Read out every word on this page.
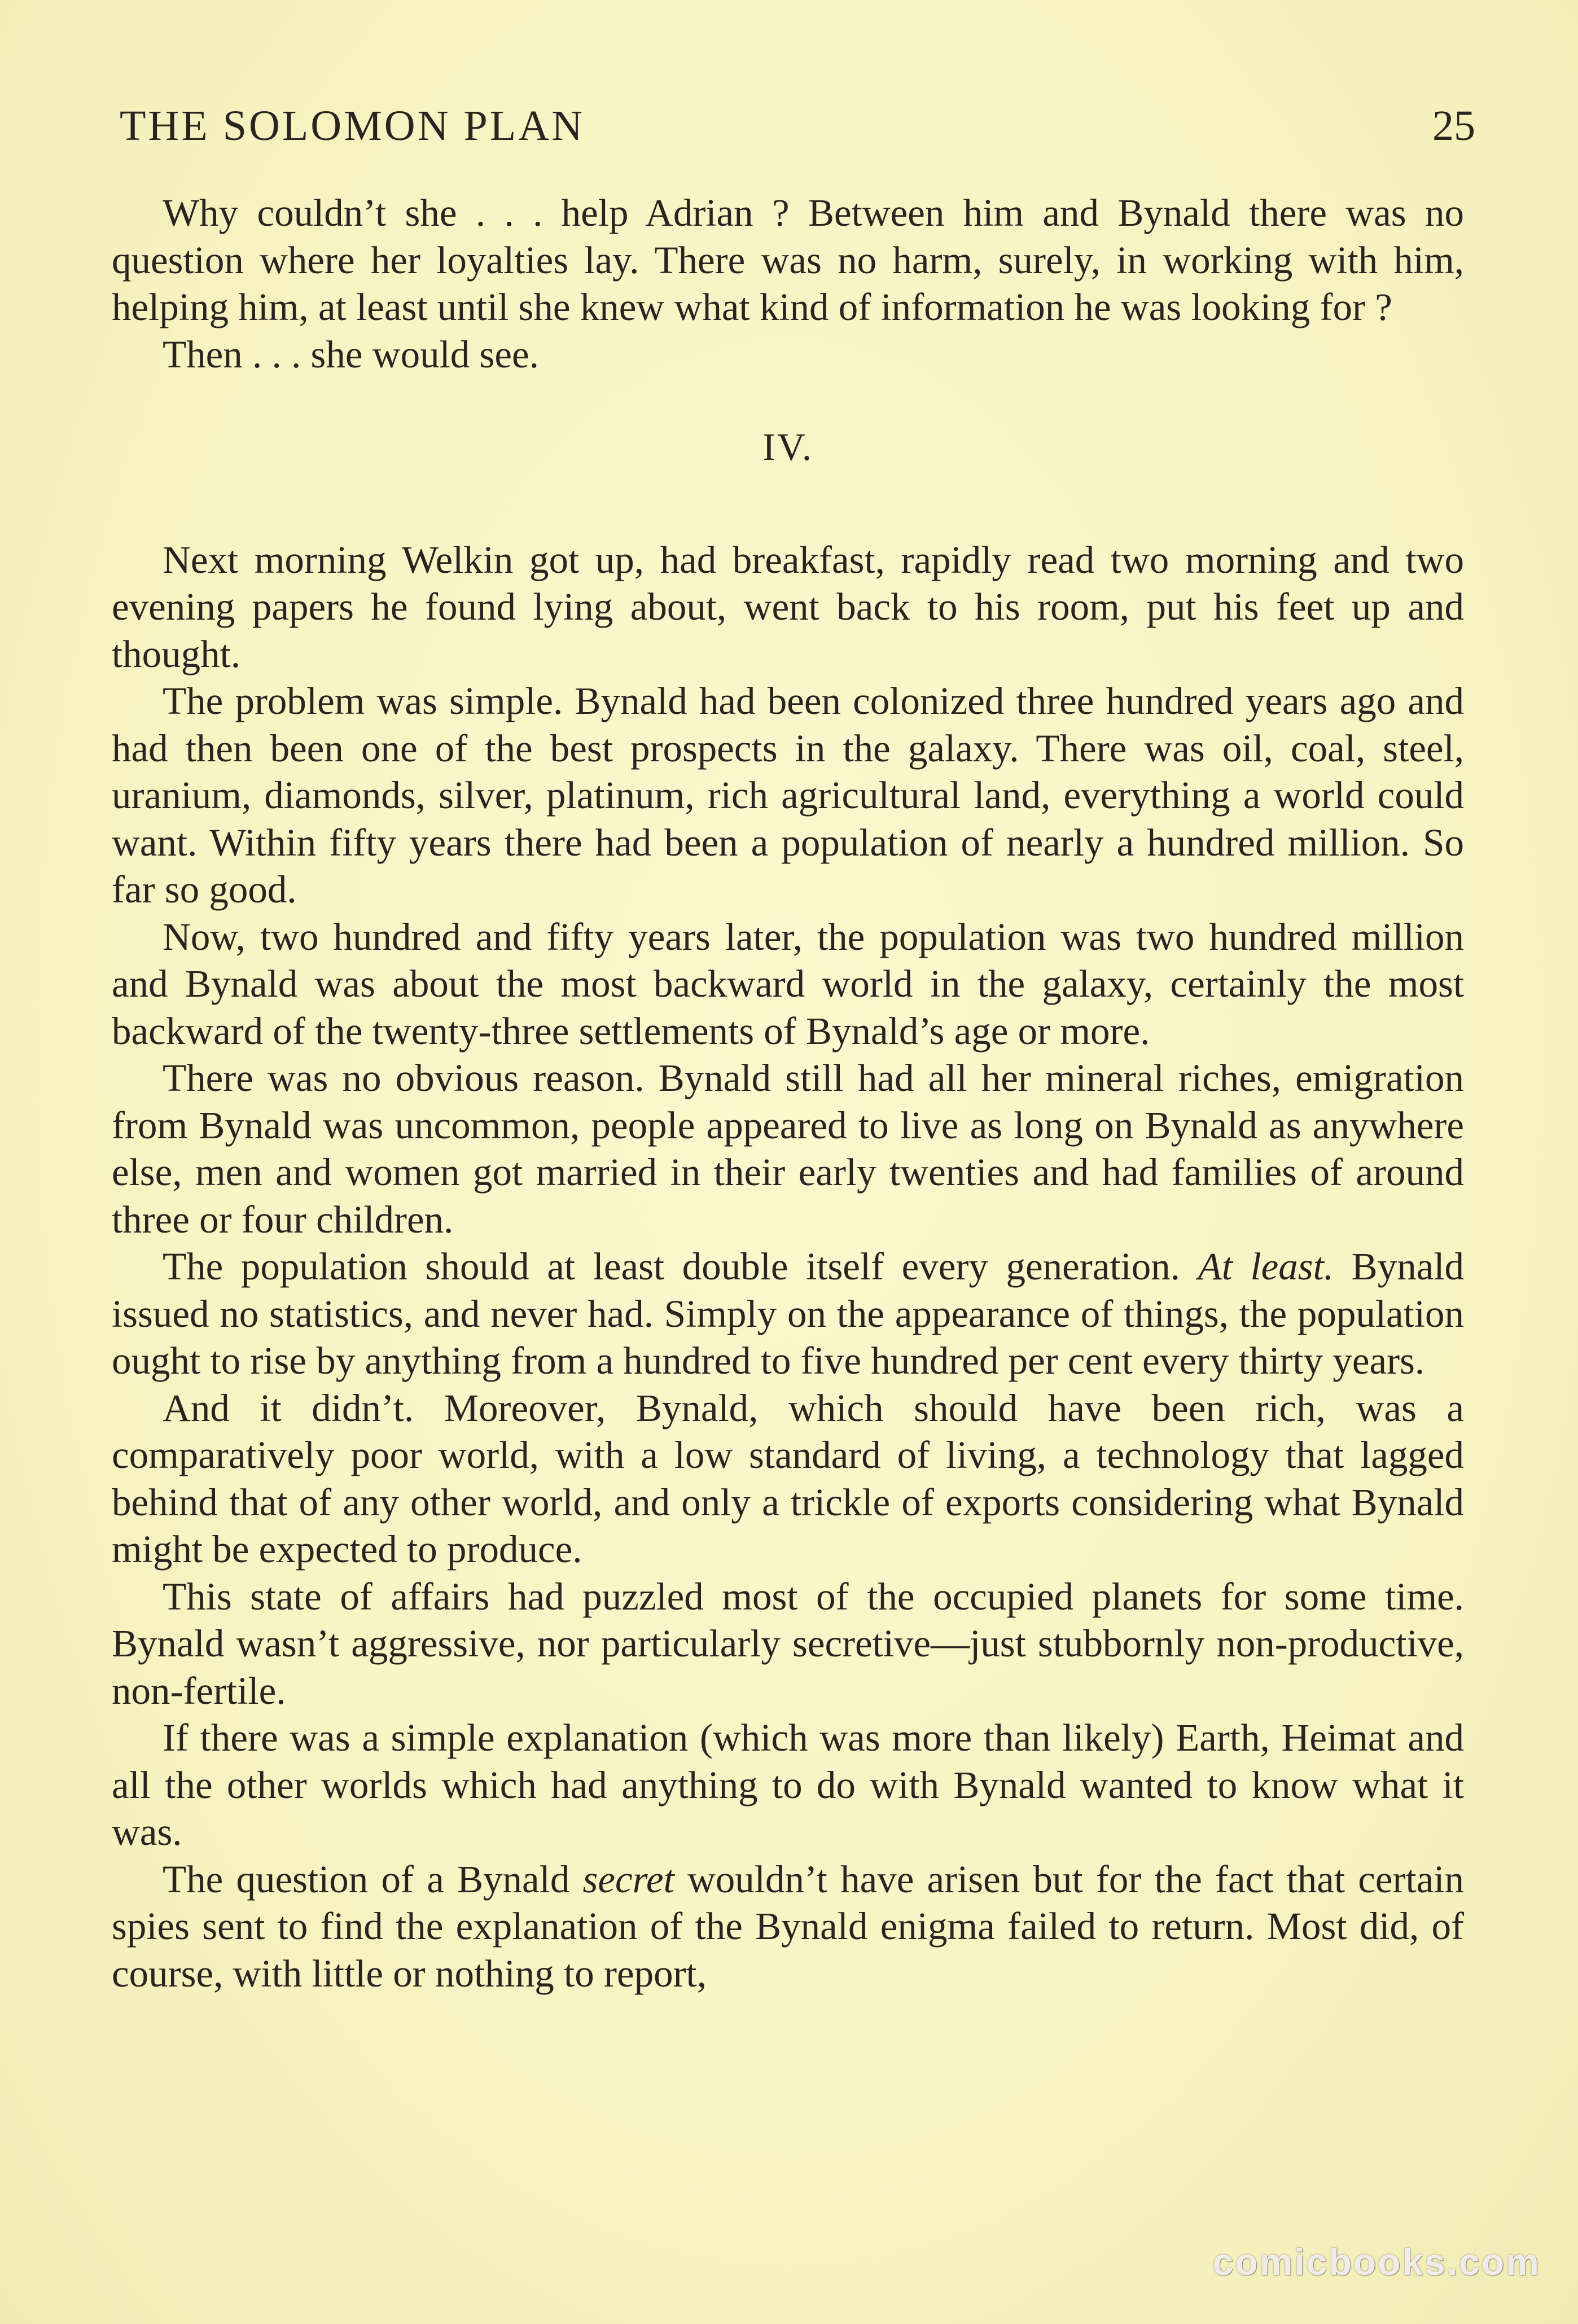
THE SOLOMON PLAN	25

Why couldn’t she . . . help Adrian ? Between him and Bynald there was no question where her loyalties lay. There was no harm, surely, in working with him, helping him, at least until she knew what kind of information he was looking for ?

Then . . . she would see.

IV.

Next morning Welkin got up, had breakfast, rapidly read two morning and two evening papers he found lying about, went back to his room, put his feet up and thought.

The problem was simple. Bynald had been colonized three hundred years ago and had then been one of the best prospects in the galaxy. There was oil, coal, steel, uranium, diamonds, silver, platinum, rich agricultural land, everything a world could want. Within fifty years there had been a population of nearly a hundred million. So far so good.

Now, two hundred and fifty years later, the population was two hundred million and Bynald was about the most backward world in the galaxy, certainly the most backward of the twenty-three settlements of Bynald’s age or more.

There was no obvious reason. Bynald still had all her mineral riches, emigration from Bynald was uncommon, people appeared to live as long on Bynald as anywhere else, men and women got married in their early twenties and had families of around three or four children.

The population should at least double itself every generation. At least. Bynald issued no statistics, and never had. Simply on the appearance of things, the population ought to rise by anything from a hundred to five hundred per cent every thirty years.

And it didn’t. Moreover, Bynald, which should have been rich, was a comparatively poor world, with a low standard of living, a technology that lagged behind that of any other world, and only a trickle of exports considering what Bynald might be expected to produce.

This state of affairs had puzzled most of the occupied planets for some time. Bynald wasn’t aggressive, nor particularly secretive—just stubbornly non-productive, non-fertile.

If there was a simple explanation (which was more than likely) Earth, Heimat and all the other worlds which had anything to do with Bynald wanted to know what it was.

The question of a Bynald secret wouldn’t have arisen but for the fact that certain spies sent to find the explanation of the Bynald enigma failed to return. Most did, of course, with little or nothing to report,

comicbooks.com
